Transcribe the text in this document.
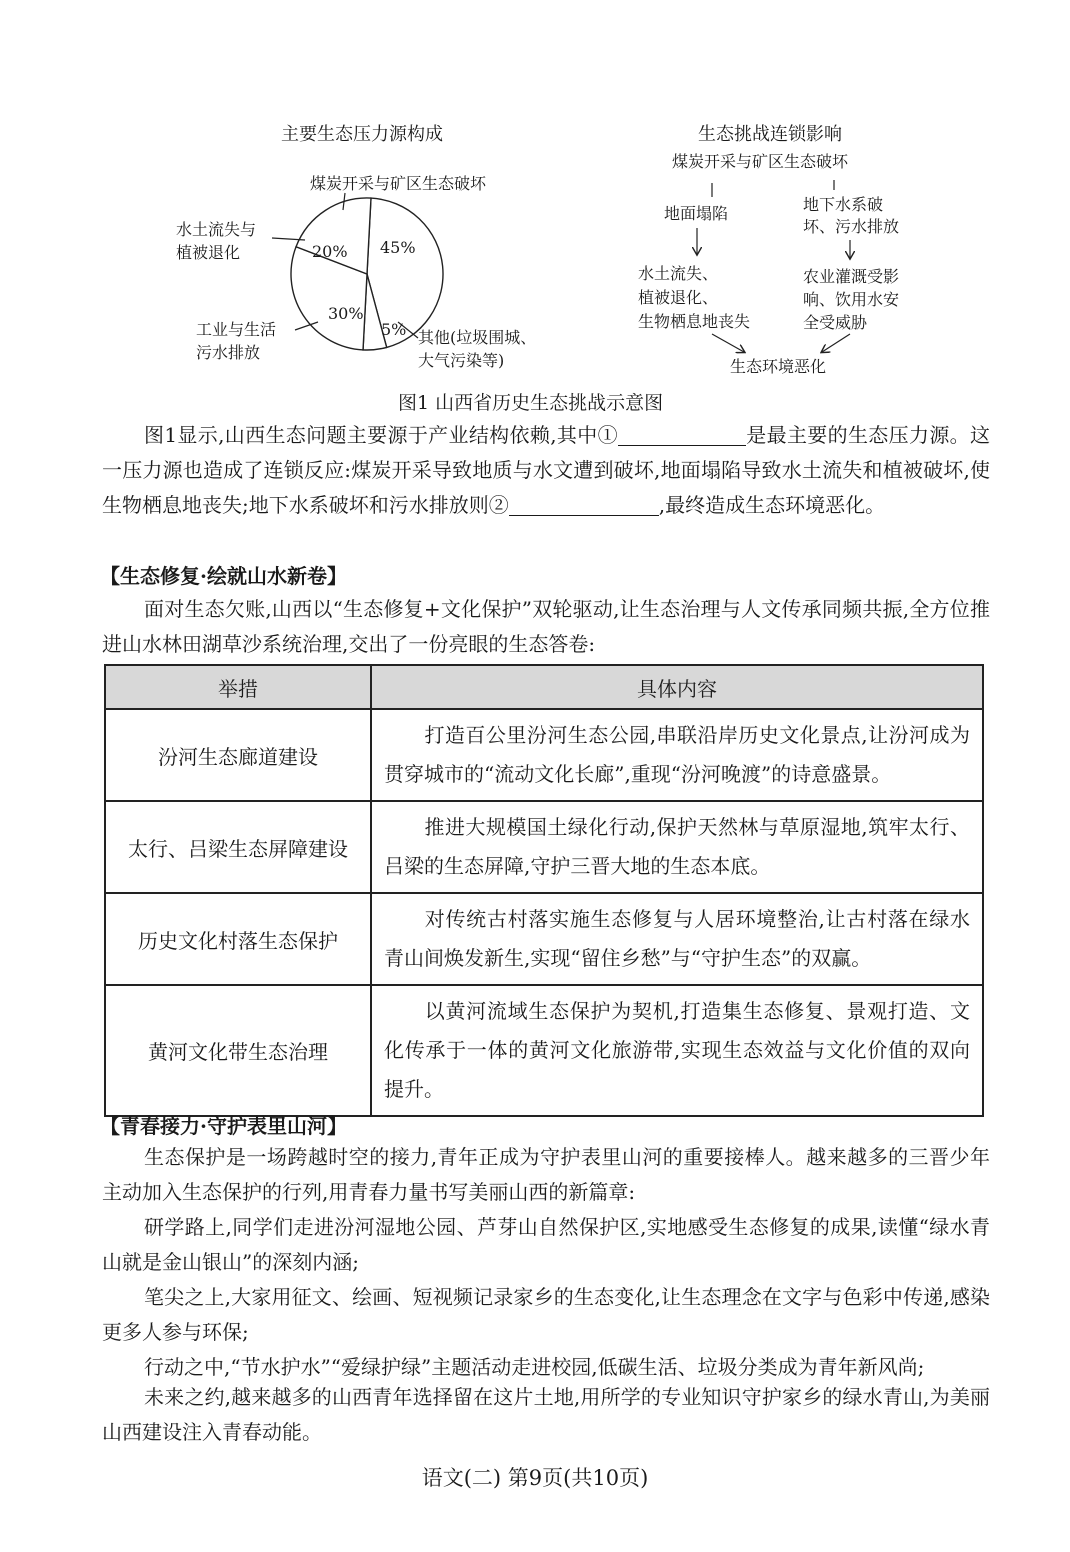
主要生态压力源构成
煤炭开采与矿区生态破坏
水土流失与
植被退化
工业与生活
污水排放
其他(垃圾围城、
大气污染等)
45%
20%
30%
5%
生态挑战连锁影响
煤炭开采与矿区生态破坏
地面塌陷
水土流失、
植被退化、
生物栖息地丧失
地下水系破
坏、污水排放
农业灌溉受影
响、饮用水安
全受威胁
生态环境恶化
图1 山西省历史生态挑战示意图
图1显示,山西生态问题主要源于产业结构依赖,其中①	是最主要的生态压力源。这一压力源也造成了连锁反应:煤炭开采导致地质与水文遭到破坏,地面塌陷导致水土流失和植被破坏,使生物栖息地丧失;地下水系破坏和污水排放则②	,最终造成生态环境恶化。
【生态修复·绘就山水新卷】
面对生态欠账,山西以“生态修复+文化保护”双轮驱动,让生态治理与人文传承同频共振,全方位推进山水林田湖草沙系统治理,交出了一份亮眼的生态答卷:
举措	具体内容
汾河生态廊道建设	打造百公里汾河生态公园,串联沿岸历史文化景点,让汾河成为贯穿城市的“流动文化长廊”,重现“汾河晚渡”的诗意盛景。
太行、吕梁生态屏障建设	推进大规模国土绿化行动,保护天然林与草原湿地,筑牢太行、吕梁的生态屏障,守护三晋大地的生态本底。
历史文化村落生态保护	对传统古村落实施生态修复与人居环境整治,让古村落在绿水青山间焕发新生,实现“留住乡愁”与“守护生态”的双赢。
黄河文化带生态治理	以黄河流域生态保护为契机,打造集生态修复、景观打造、文化传承于一体的黄河文化旅游带,实现生态效益与文化价值的双向提升。
【青春接力·守护表里山河】
生态保护是一场跨越时空的接力,青年正成为守护表里山河的重要接棒人。越来越多的三晋少年主动加入生态保护的行列,用青春力量书写美丽山西的新篇章:
研学路上,同学们走进汾河湿地公园、芦芽山自然保护区,实地感受生态修复的成果,读懂“绿水青山就是金山银山”的深刻内涵;
笔尖之上,大家用征文、绘画、短视频记录家乡的生态变化,让生态理念在文字与色彩中传递,感染更多人参与环保;
行动之中,“节水护水”“爱绿护绿”主题活动走进校园,低碳生活、垃圾分类成为青年新风尚;
未来之约,越来越多的山西青年选择留在这片土地,用所学的专业知识守护家乡的绿水青山,为美丽山西建设注入青春动能。
语文(二) 第9页(共10页)
